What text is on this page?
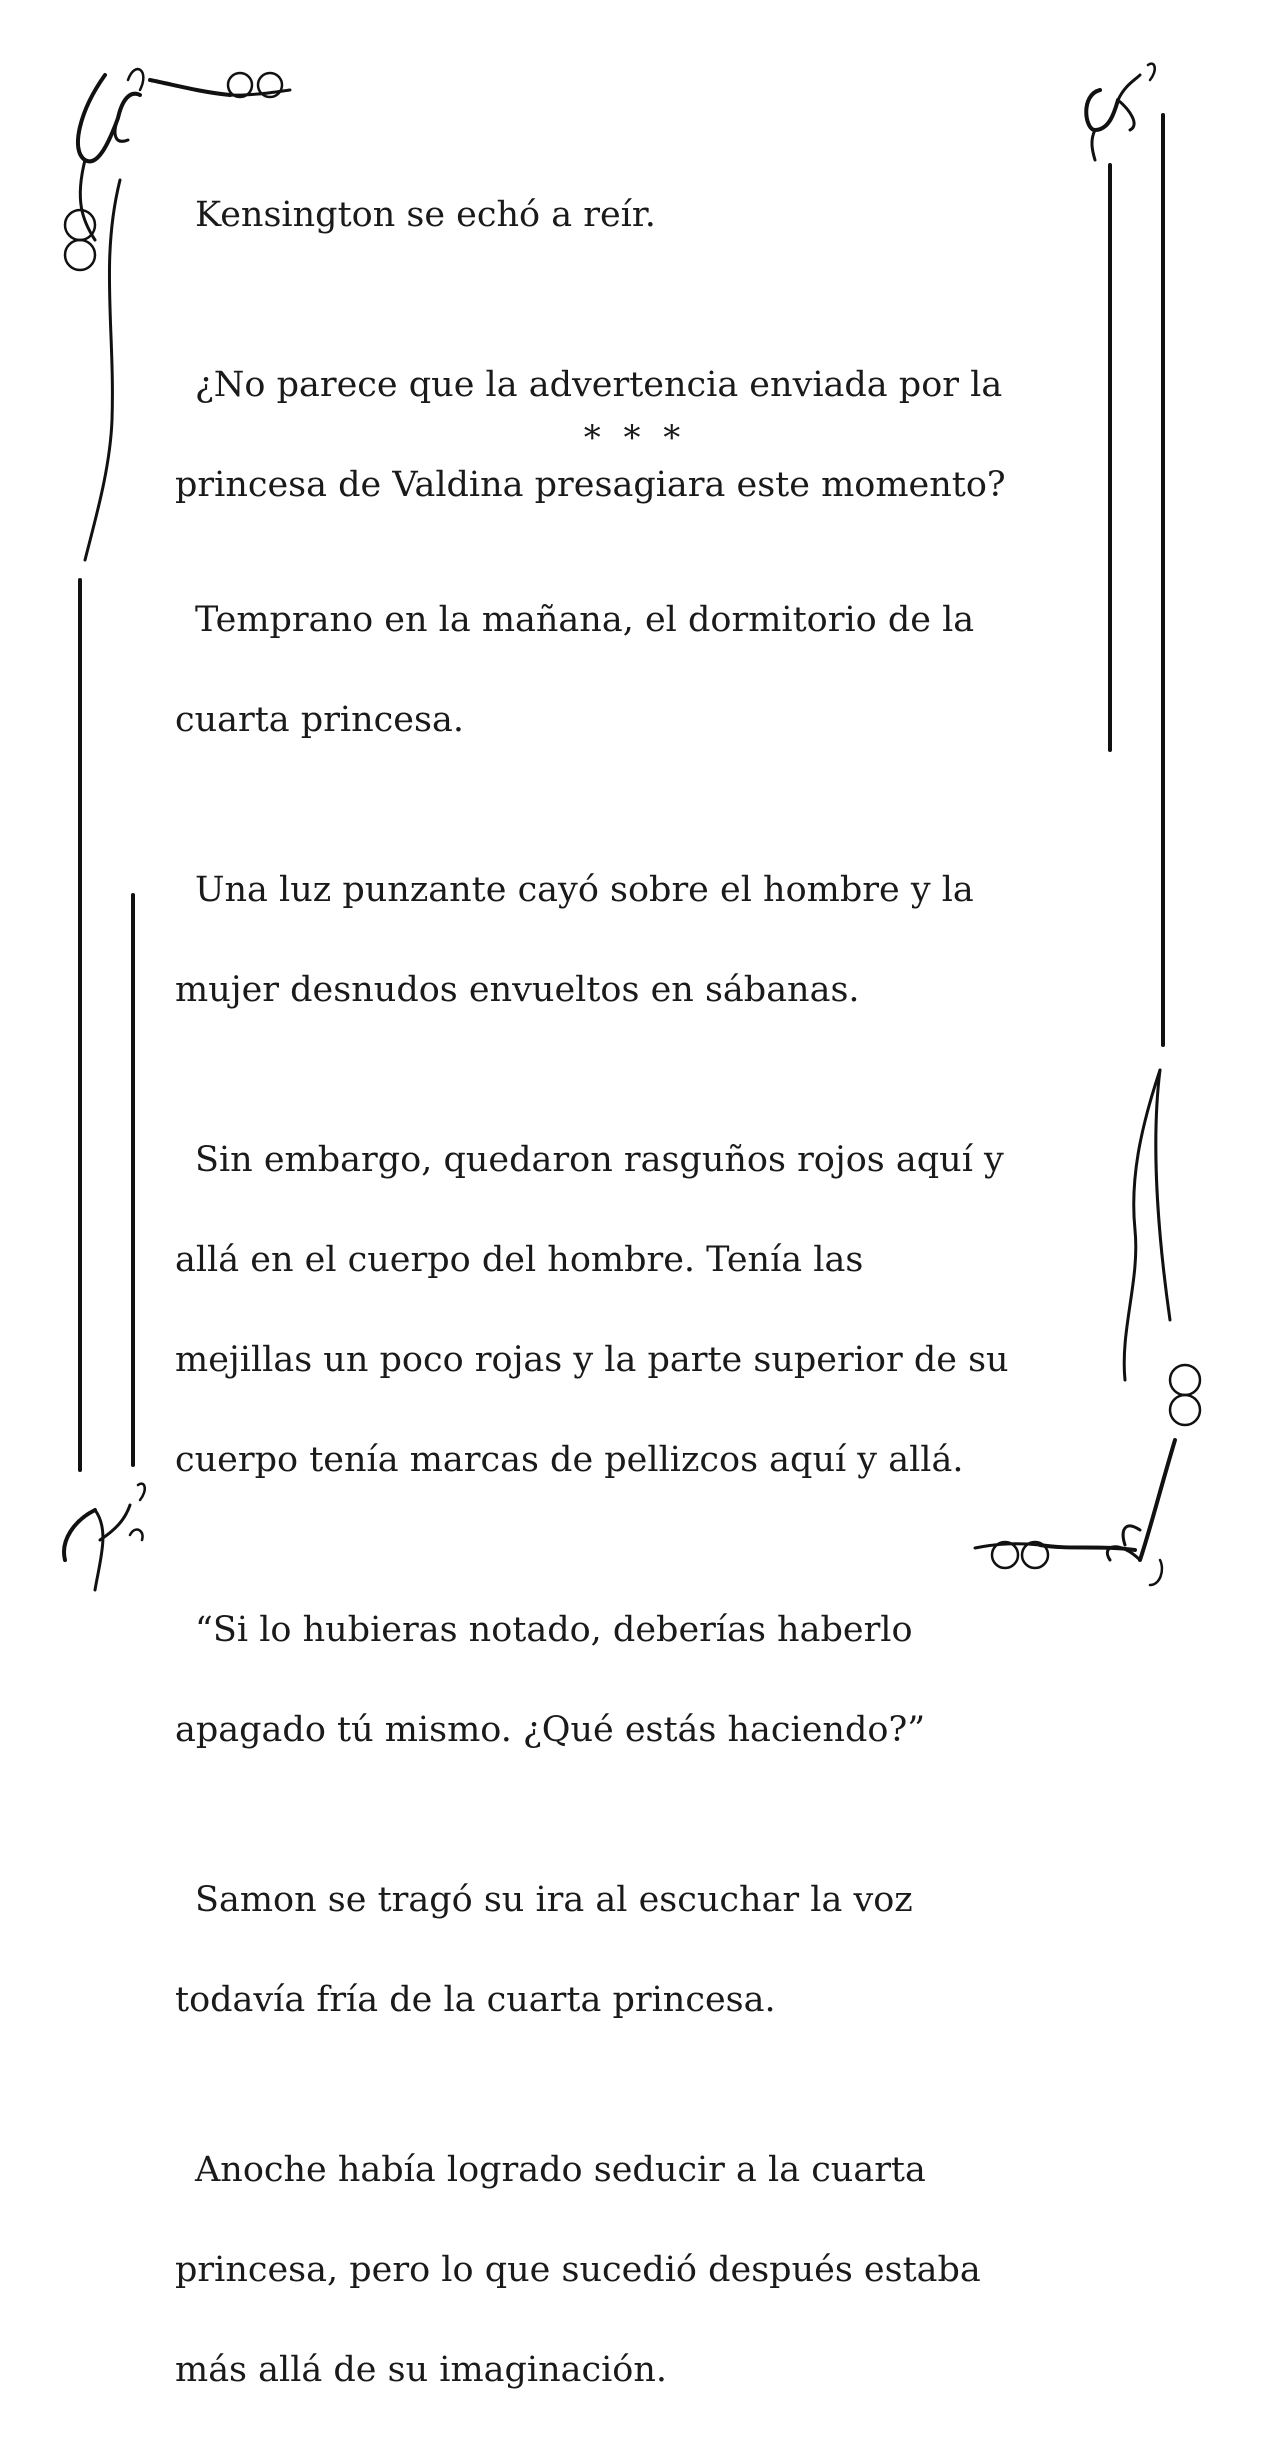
Kensington se echó a reír.

¿No parece que la advertencia enviada por la

princesa de Valdina presagiara este momento?

* * *

Temprano en la mañana, el dormitorio de la

cuarta princesa.

Una luz punzante cayó sobre el hombre y la

mujer desnudos envueltos en sábanas.

Sin embargo, quedaron rasguños rojos aquí y

allá en el cuerpo del hombre. Tenía las

mejillas un poco rojas y la parte superior de su

cuerpo tenía marcas de pellizcos aquí y allá.

“Si lo hubieras notado, deberías haberlo

apagado tú mismo. ¿Qué estás haciendo?”

Samon se tragó su ira al escuchar la voz

todavía fría de la cuarta princesa.

Anoche había logrado seducir a la cuarta

princesa, pero lo que sucedió después estaba

más allá de su imaginación.
